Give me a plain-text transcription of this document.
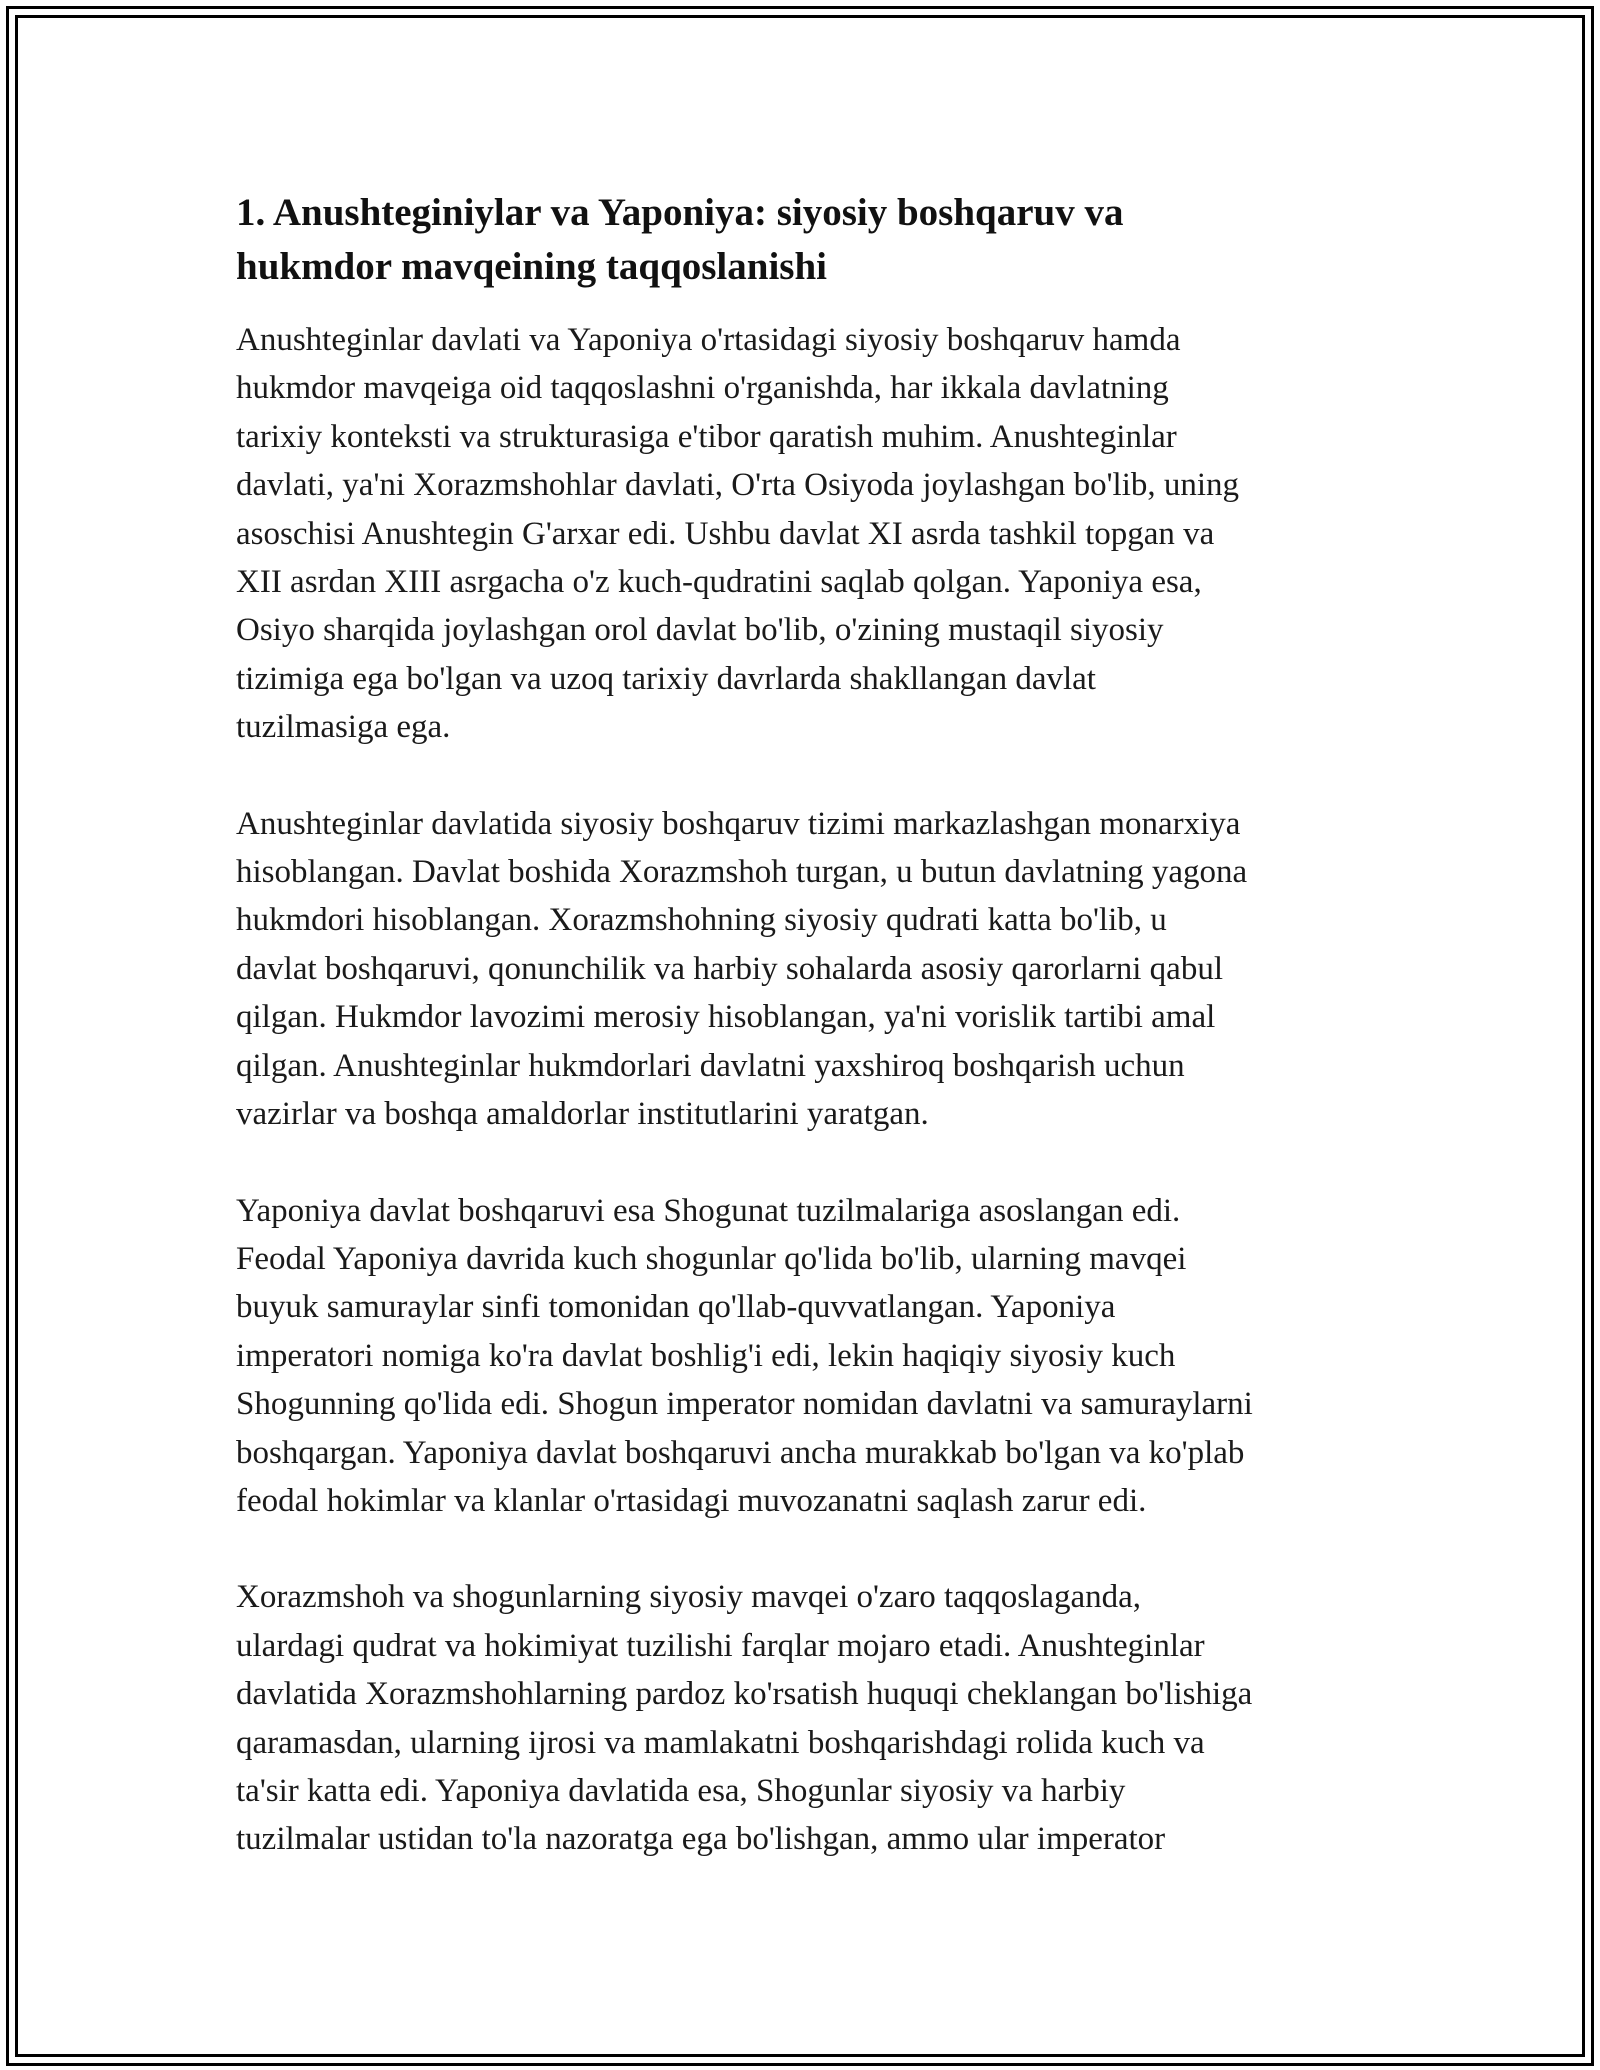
1. Anushteginiylar va Yaponiya: siyosiy boshqaruv va
hukmdor mavqeining taqqoslanishi

Anushteginlar davlati va Yaponiya o'rtasidagi siyosiy boshqaruv hamda
hukmdor mavqeiga oid taqqoslashni o'rganishda, har ikkala davlatning
tarixiy konteksti va strukturasiga e'tibor qaratish muhim. Anushteginlar
davlati, ya'ni Xorazmshohlar davlati, O'rta Osiyoda joylashgan bo'lib, uning
asoschisi Anushtegin G'arxar edi. Ushbu davlat XI asrda tashkil topgan va
XII asrdan XIII asrgacha o'z kuch-qudratini saqlab qolgan. Yaponiya esa,
Osiyo sharqida joylashgan orol davlat bo'lib, o'zining mustaqil siyosiy
tizimiga ega bo'lgan va uzoq tarixiy davrlarda shakllangan davlat
tuzilmasiga ega.

Anushteginlar davlatida siyosiy boshqaruv tizimi markazlashgan monarxiya
hisoblangan. Davlat boshida Xorazmshoh turgan, u butun davlatning yagona
hukmdori hisoblangan. Xorazmshohning siyosiy qudrati katta bo'lib, u
davlat boshqaruvi, qonunchilik va harbiy sohalarda asosiy qarorlarni qabul
qilgan. Hukmdor lavozimi merosiy hisoblangan, ya'ni vorislik tartibi amal
qilgan. Anushteginlar hukmdorlari davlatni yaxshiroq boshqarish uchun
vazirlar va boshqa amaldorlar institutlarini yaratgan.

Yaponiya davlat boshqaruvi esa Shogunat tuzilmalariga asoslangan edi.
Feodal Yaponiya davrida kuch shogunlar qo'lida bo'lib, ularning mavqei
buyuk samuraylar sinfi tomonidan qo'llab-quvvatlangan. Yaponiya
imperatori nomiga ko'ra davlat boshlig'i edi, lekin haqiqiy siyosiy kuch
Shogunning qo'lida edi. Shogun imperator nomidan davlatni va samuraylarni
boshqargan. Yaponiya davlat boshqaruvi ancha murakkab bo'lgan va ko'plab
feodal hokimlar va klanlar o'rtasidagi muvozanatni saqlash zarur edi.

Xorazmshoh va shogunlarning siyosiy mavqei o'zaro taqqoslaganda,
ulardagi qudrat va hokimiyat tuzilishi farqlar mojaro etadi. Anushteginlar
davlatida Xorazmshohlarning pardoz ko'rsatish huquqi cheklangan bo'lishiga
qaramasdan, ularning ijrosi va mamlakatni boshqarishdagi rolida kuch va
ta'sir katta edi. Yaponiya davlatida esa, Shogunlar siyosiy va harbiy
tuzilmalar ustidan to'la nazoratga ega bo'lishgan, ammo ular imperator
